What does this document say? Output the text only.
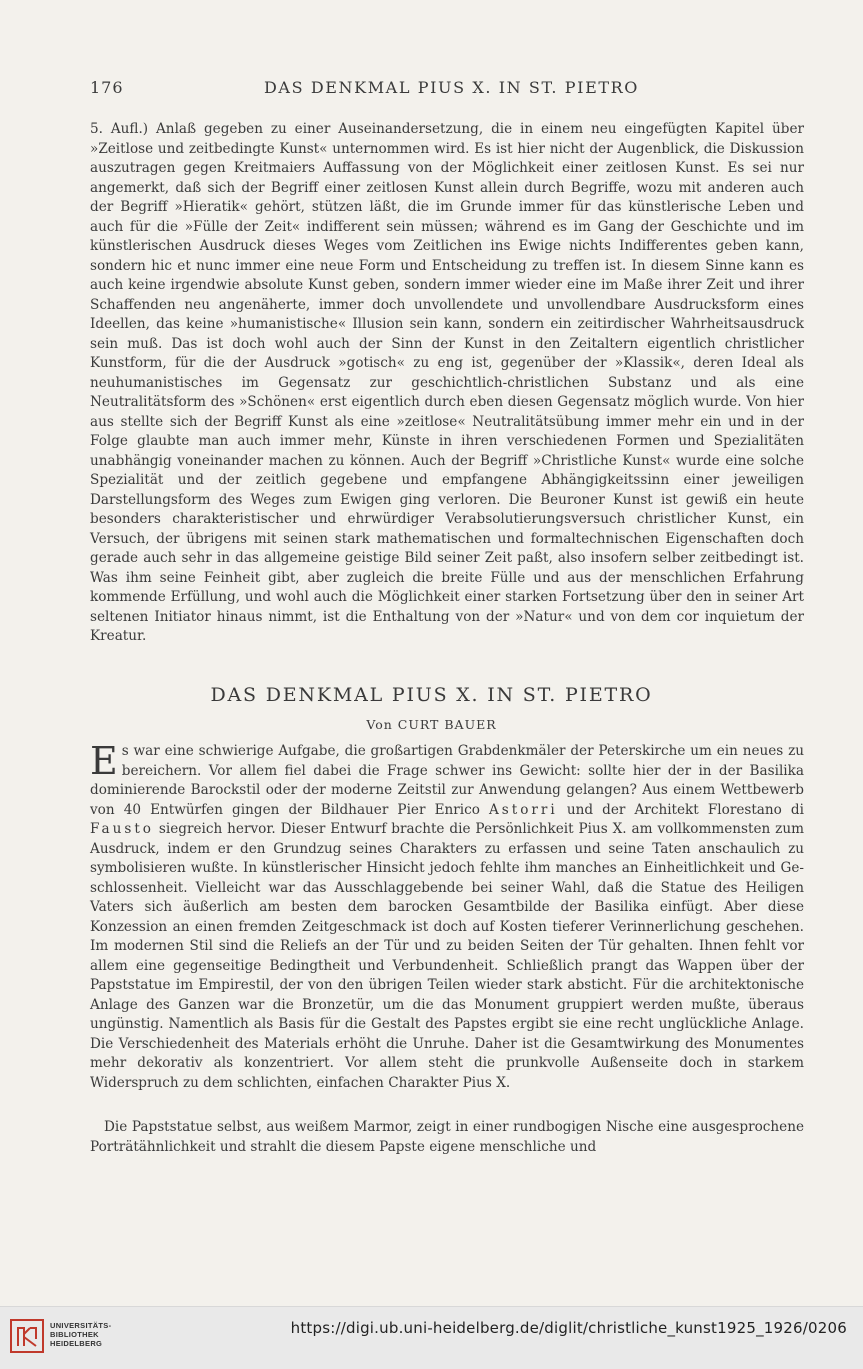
176	DAS DENKMAL PIUS X. IN ST. PIETRO
5. Aufl.) Anlaß gegeben zu einer Auseinandersetzung, die in einem neu eingefügten Kapitel über »Zeitlose und zeitbedingte Kunst« unternommen wird. Es ist hier nicht der Augenblick, die Diskussion auszutragen gegen Kreitmaiers Auffassung von der Möglichkeit einer zeitlosen Kunst. Es sei nur angemerkt, daß sich der Begriff einer zeitlosen Kunst allein durch Begriffe, wozu mit anderen auch der Begriff »Hieratik« gehört, stützen läßt, die im Grunde immer für das künstlerische Leben und auch für die »Fülle der Zeit« indifferent sein müssen; während es im Gang der Geschichte und im künstlerischen Ausdruck dieses Weges vom Zeitlichen ins Ewige nichts Indifferentes geben kann, sondern hic et nunc immer eine neue Form und Entscheidung zu treffen ist. In diesem Sinne kann es auch keine irgendwie absolute Kunst geben, sondern immer wieder eine im Maße ihrer Zeit und ihrer Schaffenden neu angenäherte, immer doch unvollendete und unvollendbare Ausdrucksform eines Ideellen, das keine »humanistische« Illusion sein kann, sondern ein zeitirdischer Wahrheitsausdruck sein muß. Das ist doch wohl auch der Sinn der Kunst in den Zeitaltern eigentlich christlicher Kunstform, für die der Ausdruck »gotisch« zu eng ist, gegenüber der »Klassik«, deren Ideal als neuhumanistisches im Gegensatz zur geschichtlich-christlichen Substanz und als eine Neutralitätsform des »Schönen« erst eigentlich durch eben diesen Gegensatz möglich wurde. Von hier aus stellte sich der Begriff Kunst als eine »zeitlose« Neutralitätsübung immer mehr ein und in der Folge glaubte man auch immer mehr, Künste in ihren verschiedenen Formen und Spezialitäten unabhängig voneinander machen zu können. Auch der Begriff »Christliche Kunst« wurde eine solche Spezialität und der zeitlich gegebene und empfangene Abhängigkeitssinn einer jeweiligen Darstellungsform des Weges zum Ewigen ging verloren. Die Beuroner Kunst ist gewiß ein heute besonders charakteristischer und ehrwürdiger Verabsolutierungsversuch christlicher Kunst, ein Versuch, der übrigens mit seinen stark mathematischen und formaltechnischen Eigenschaften doch gerade auch sehr in das allgemeine geistige Bild seiner Zeit paßt, also insofern selber zeitbedingt ist. Was ihm seine Feinheit gibt, aber zugleich die breite Fülle und aus der menschlichen Erfahrung kommende Erfüllung, und wohl auch die Möglichkeit einer starken Fortsetzung über den in seiner Art seltenen Initiator hinaus nimmt, ist die Enthaltung von der »Natur« und von dem cor inquietum der Kreatur.
DAS DENKMAL PIUS X. IN ST. PIETRO
Von CURT BAUER
Es war eine schwierige Aufgabe, die großartigen Grabdenkmäler der Peterskirche um ein neues zu bereichern. Vor allem fiel dabei die Frage schwer ins Gewicht: sollte hier der in der Basilika dominierende Barockstil oder der moderne Zeitstil zur Anwendung gelangen? Aus einem Wettbewerb von 40 Entwürfen gingen der Bildhauer Pier Enrico Astorri und der Architekt Florestano di Fausto siegreich hervor. Dieser Entwurf brachte die Persönlichkeit Pius X. am vollkommensten zum Ausdruck, indem er den Grundzug seines Charakters zu erfassen und seine Taten anschaulich zu symbolisieren wußte. In künstlerischer Hinsicht jedoch fehlte ihm manches an Einheitlichkeit und Geschlossenheit. Vielleicht war das Ausschlaggebende bei seiner Wahl, daß die Statue des Heiligen Vaters sich äußerlich am besten dem barocken Gesamtbilde der Basilika einfügt. Aber diese Konzession an einen fremden Zeitgeschmack ist doch auf Kosten tieferer Verinnerlichung geschehen. Im modernen Stil sind die Reliefs an der Tür und zu beiden Seiten der Tür gehalten. Ihnen fehlt vor allem eine gegenseitige Bedingtheit und Verbundenheit. Schließlich prangt das Wappen über der Papststatue im Empirestil, der von den übrigen Teilen wieder stark absticht. Für die architektonische Anlage des Ganzen war die Bronzetür, um die das Monument gruppiert werden mußte, überaus ungünstig. Namentlich als Basis für die Gestalt des Papstes ergibt sie eine recht unglückliche Anlage. Die Verschiedenheit des Materials erhöht die Unruhe. Daher ist die Gesamtwirkung des Monumentes mehr dekorativ als konzentriert. Vor allem steht die prunkvolle Außenseite doch in starkem Widerspruch zu dem schlichten, einfachen Charakter Pius X.
Die Papststatue selbst, aus weißem Marmor, zeigt in einer rundbogigen Nische eine ausgesprochene Porträtähnlichkeit und strahlt die diesem Papste eigene menschliche und
UNIVERSITÄTS-
BIBLIOTHEK
HEIDELBERG
https://digi.ub.uni-heidelberg.de/diglit/christliche_kunst1925_1926/0206
